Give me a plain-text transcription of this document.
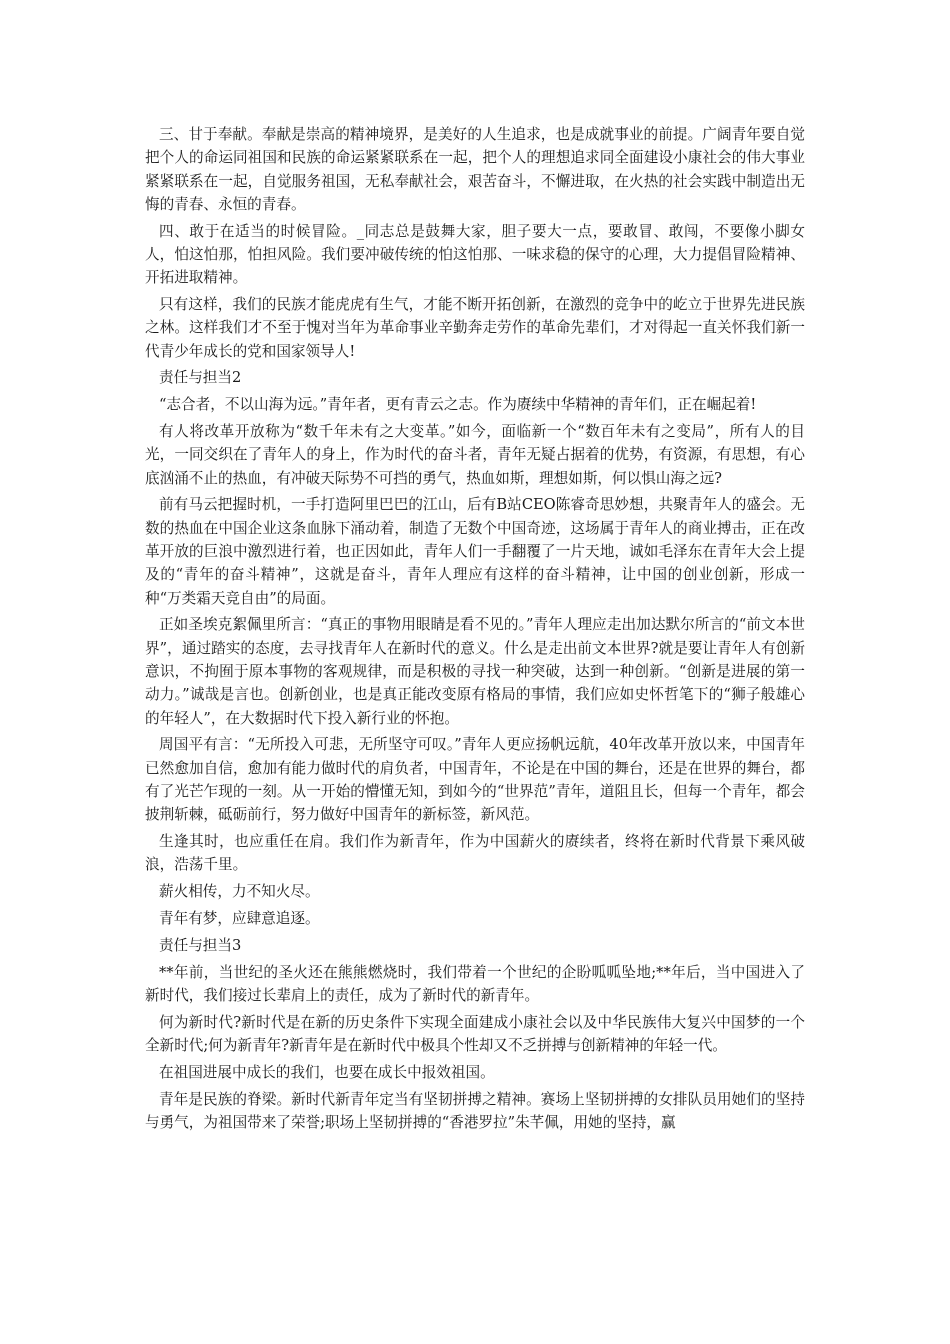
三、甘于奉献。奉献是崇高的精神境界，是美好的人生追求，也是成就事业的前提。广阔青年要自觉把个人的命运同祖国和民族的命运紧紧联系在一起，把个人的理想追求同全面建设小康社会的伟大事业紧紧联系在一起，自觉服务祖国，无私奉献社会，艰苦奋斗，不懈进取，在火热的社会实践中制造出无悔的青春、永恒的青春。

四、敢于在适当的时候冒险。_同志总是鼓舞大家，胆子要大一点，要敢冒、敢闯，不要像小脚女人，怕这怕那，怕担风险。我们要冲破传统的怕这怕那、一味求稳的保守的心理，大力提倡冒险精神、开拓进取精神。

只有这样，我们的民族才能虎虎有生气，才能不断开拓创新，在激烈的竞争中的屹立于世界先进民族之林。这样我们才不至于愧对当年为革命事业辛勤奔走劳作的革命先辈们，才对得起一直关怀我们新一代青少年成长的党和国家领导人!

责任与担当2

“志合者，不以山海为远。”青年者，更有青云之志。作为赓续中华精神的青年们，正在崛起着!

有人将改革开放称为“数千年未有之大变革。”如今，面临新一个“数百年未有之变局”，所有人的目光，一同交织在了青年人的身上，作为时代的奋斗者，青年无疑占据着的优势，有资源，有思想，有心底汹涌不止的热血，有冲破天际势不可挡的勇气，热血如斯，理想如斯，何以惧山海之远?

前有马云把握时机，一手打造阿里巴巴的江山，后有B站CEO陈睿奇思妙想，共聚青年人的盛会。无数的热血在中国企业这条血脉下涌动着，制造了无数个中国奇迹，这场属于青年人的商业搏击，正在改革开放的巨浪中激烈进行着，也正因如此，青年人们一手翻覆了一片天地，诚如毛泽东在青年大会上提及的“青年的奋斗精神”，这就是奋斗，青年人理应有这样的奋斗精神，让中国的创业创新，形成一种“万类霜天竞自由”的局面。

正如圣埃克絮佩里所言：“真正的事物用眼睛是看不见的。”青年人理应走出加达默尔所言的“前文本世界”，通过踏实的态度，去寻找青年人在新时代的意义。什么是走出前文本世界?就是要让青年人有创新意识，不拘囿于原本事物的客观规律，而是积极的寻找一种突破，达到一种创新。“创新是进展的第一动力。”诚哉是言也。创新创业，也是真正能改变原有格局的事情，我们应如史怀哲笔下的“狮子般雄心的年轻人”，在大数据时代下投入新行业的怀抱。

周国平有言：“无所投入可悲，无所坚守可叹。”青年人更应扬帆远航，40年改革开放以来，中国青年已然愈加自信，愈加有能力做时代的肩负者，中国青年，不论是在中国的舞台，还是在世界的舞台，都有了光芒乍现的一刻。从一开始的懵懂无知，到如今的“世界范”青年，道阻且长，但每一个青年，都会披荆斩棘，砥砺前行，努力做好中国青年的新标签，新风范。

生逢其时，也应重任在肩。我们作为新青年，作为中国薪火的赓续者，终将在新时代背景下乘风破浪，浩荡千里。

薪火相传，力不知火尽。

青年有梦，应肆意追逐。

责任与担当3

**年前，当世纪的圣火还在熊熊燃烧时，我们带着一个世纪的企盼呱呱坠地;**年后，当中国进入了新时代，我们接过长辈肩上的责任，成为了新时代的新青年。

何为新时代?新时代是在新的历史条件下实现全面建成小康社会以及中华民族伟大复兴中国梦的一个全新时代;何为新青年?新青年是在新时代中极具个性却又不乏拼搏与创新精神的年轻一代。

在祖国进展中成长的我们，也要在成长中报效祖国。

青年是民族的脊梁。新时代新青年定当有坚韧拼搏之精神。赛场上坚韧拼搏的女排队员用她们的坚持与勇气，为祖国带来了荣誉;职场上坚韧拼搏的“香港罗拉”朱芊佩，用她的坚持，赢
